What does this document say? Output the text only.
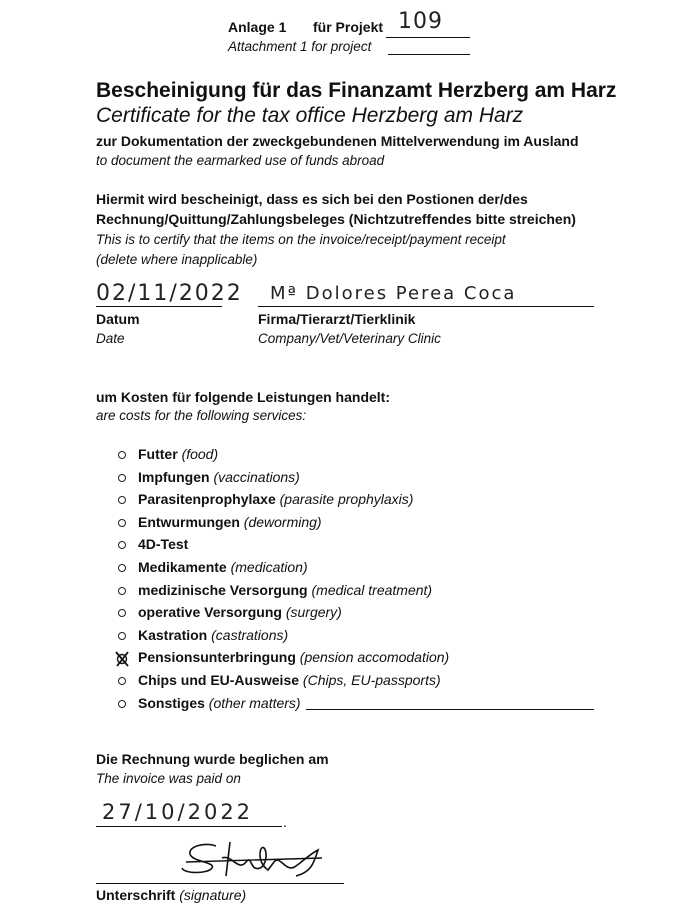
Anlage 1 für Projekt 109
Attachment 1 for project
Bescheinigung für das Finanzamt Herzberg am Harz
Certificate for the tax office Herzberg am Harz
zur Dokumentation der zweckgebundenen Mittelverwendung im Ausland
to document the earmarked use of funds abroad
Hiermit wird bescheinigt, dass es sich bei den Postionen der/des
Rechnung/Quittung/Zahlungsbeleges (Nichtzutreffendes bitte streichen)
This is to certify that the items on the invoice/receipt/payment receipt
(delete where inapplicable)
02/11/2022 Mª Dolores Perea Coca
Datum	Firma/Tierarzt/Tierklinik
Date	Company/Vet/Veterinary Clinic
um Kosten für folgende Leistungen handelt:
are costs for the following services:
Futter (food)
Impfungen (vaccinations)
Parasitenprophylaxe (parasite prophylaxis)
Entwurmungen (deworming)
4D-Test
Medikamente (medication)
medizinische Versorgung (medical treatment)
operative Versorgung (surgery)
Kastration (castrations)
Pensionsunterbringung (pension accomodation)
Chips und EU-Ausweise (Chips, EU-passports)
Sonstiges (other matters)
Die Rechnung wurde beglichen am
The invoice was paid on
27/10/2022 .
Unterschrift (signature)
